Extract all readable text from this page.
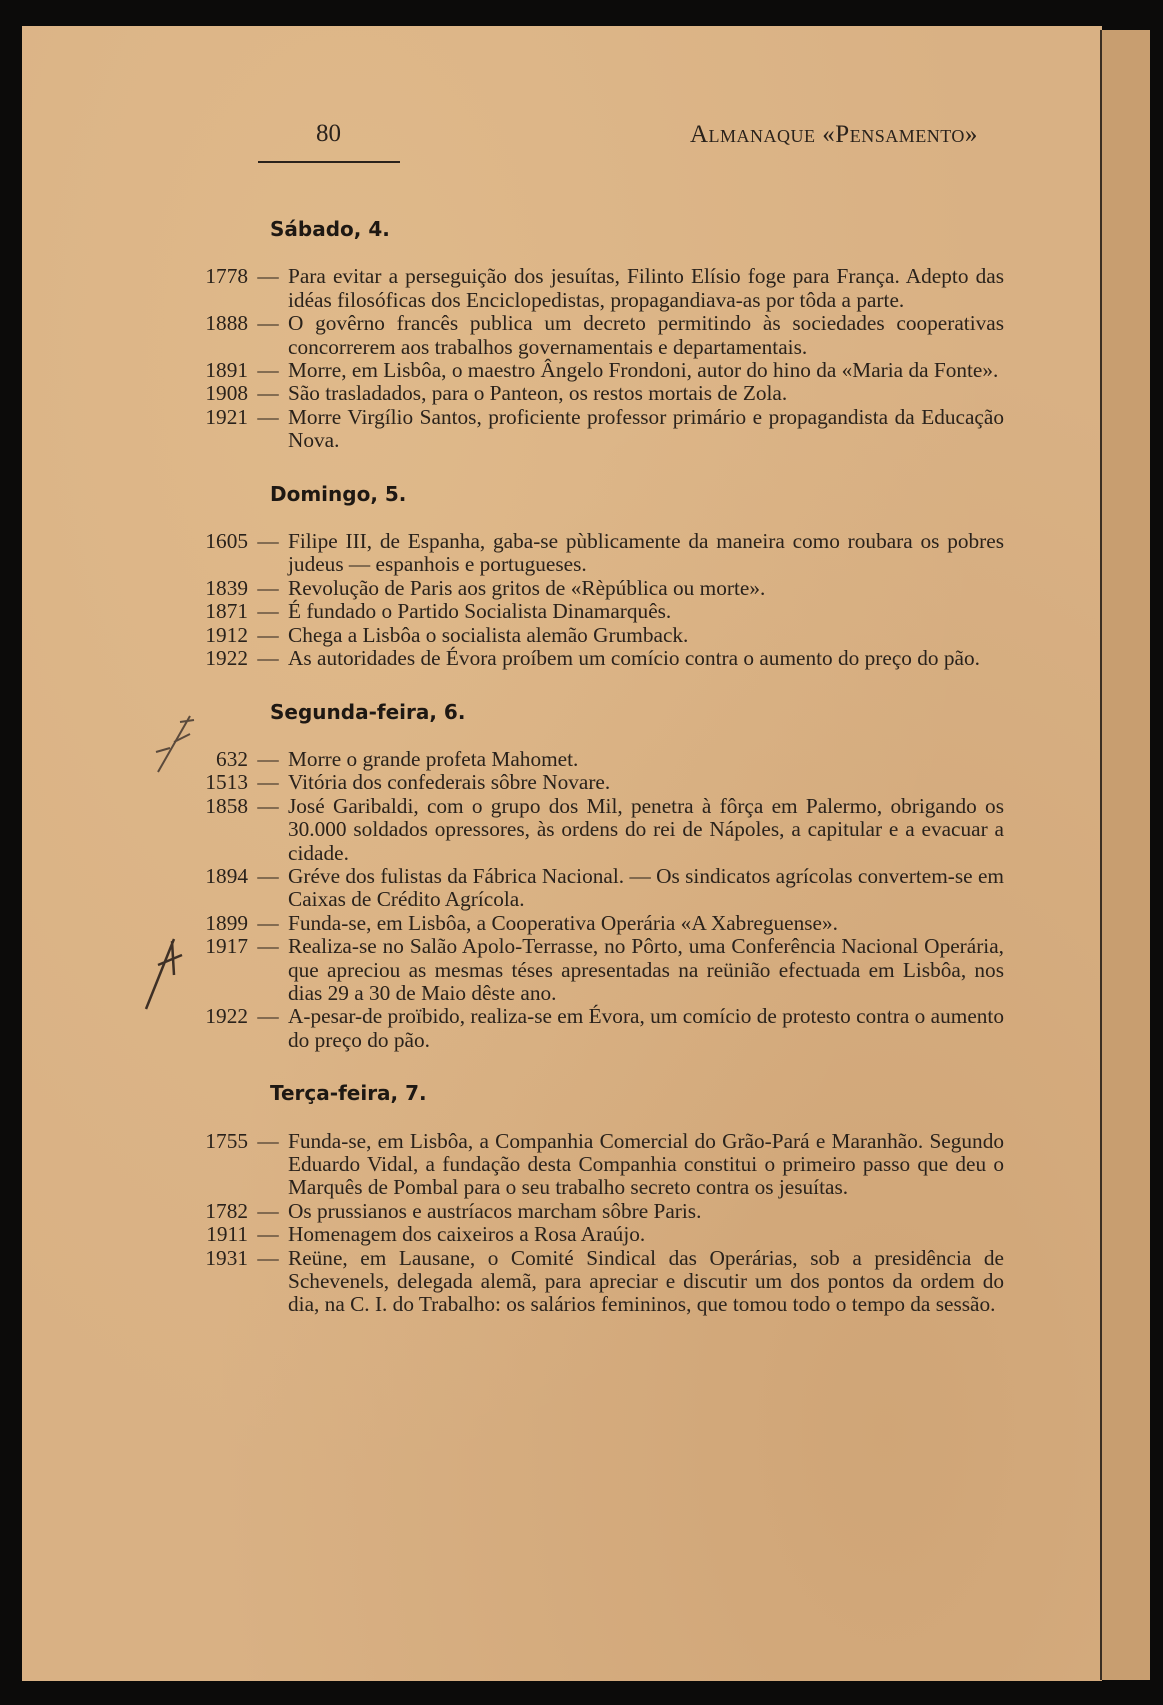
80	Almanaque «Pensamento»
Sábado, 4.
1778 — Para evitar a perseguição dos jesuítas, Filinto Elísio foge para França. Adepto das idéas filosóficas dos Enciclopedistas, propagandiava-as por tôda a parte.
1888 — O govêrno francês publica um decreto permitindo às sociedades cooperativas concorrerem aos trabalhos governamentais e departamentais.
1891 — Morre, em Lisbôa, o maestro Ângelo Frondoni, autor do hino da «Maria da Fonte».
1908 — São trasladados, para o Panteon, os restos mortais de Zola.
1921 — Morre Virgílio Santos, proficiente professor primário e propagandista da Educação Nova.
Domingo, 5.
1605 — Filipe III, de Espanha, gaba-se pùblicamente da maneira como roubara os pobres judeus — espanhois e portugueses.
1839 — Revolução de Paris aos gritos de «Rèpública ou morte».
1871 — É fundado o Partido Socialista Dinamarquês.
1912 — Chega a Lisbôa o socialista alemão Grumback.
1922 — As autoridades de Évora proíbem um comício contra o aumento do preço do pão.
Segunda-feira, 6.
632 — Morre o grande profeta Mahomet.
1513 — Vitória dos confederais sôbre Novare.
1858 — José Garibaldi, com o grupo dos Mil, penetra à fôrça em Palermo, obrigando os 30.000 soldados opressores, às ordens do rei de Nápoles, a capitular e a evacuar a cidade.
1894 — Gréve dos fulistas da Fábrica Nacional. — Os sindicatos agrícolas convertem-se em Caixas de Crédito Agrícola.
1899 — Funda-se, em Lisbôa, a Cooperativa Operária «A Xabreguense».
1917 — Realiza-se no Salão Apolo-Terrasse, no Pôrto, uma Conferência Nacional Operária, que apreciou as mesmas téses apresentadas na reünião efectuada em Lisbôa, nos dias 29 a 30 de Maio dêste ano.
1922 — A-pesar-de proïbido, realiza-se em Évora, um comício de protesto contra o aumento do preço do pão.
Terça-feira, 7.
1755 — Funda-se, em Lisbôa, a Companhia Comercial do Grão-Pará e Maranhão. Segundo Eduardo Vidal, a fundação desta Companhia constitui o primeiro passo que deu o Marquês de Pombal para o seu trabalho secreto contra os jesuítas.
1782 — Os prussianos e austríacos marcham sôbre Paris.
1911 — Homenagem dos caixeiros a Rosa Araújo.
1931 — Reüne, em Lausane, o Comité Sindical das Operárias, sob a presidência de Schevenels, delegada alemã, para apreciar e discutir um dos pontos da ordem do dia, na C. I. do Trabalho: os salários femininos, que tomou todo o tempo da sessão.
